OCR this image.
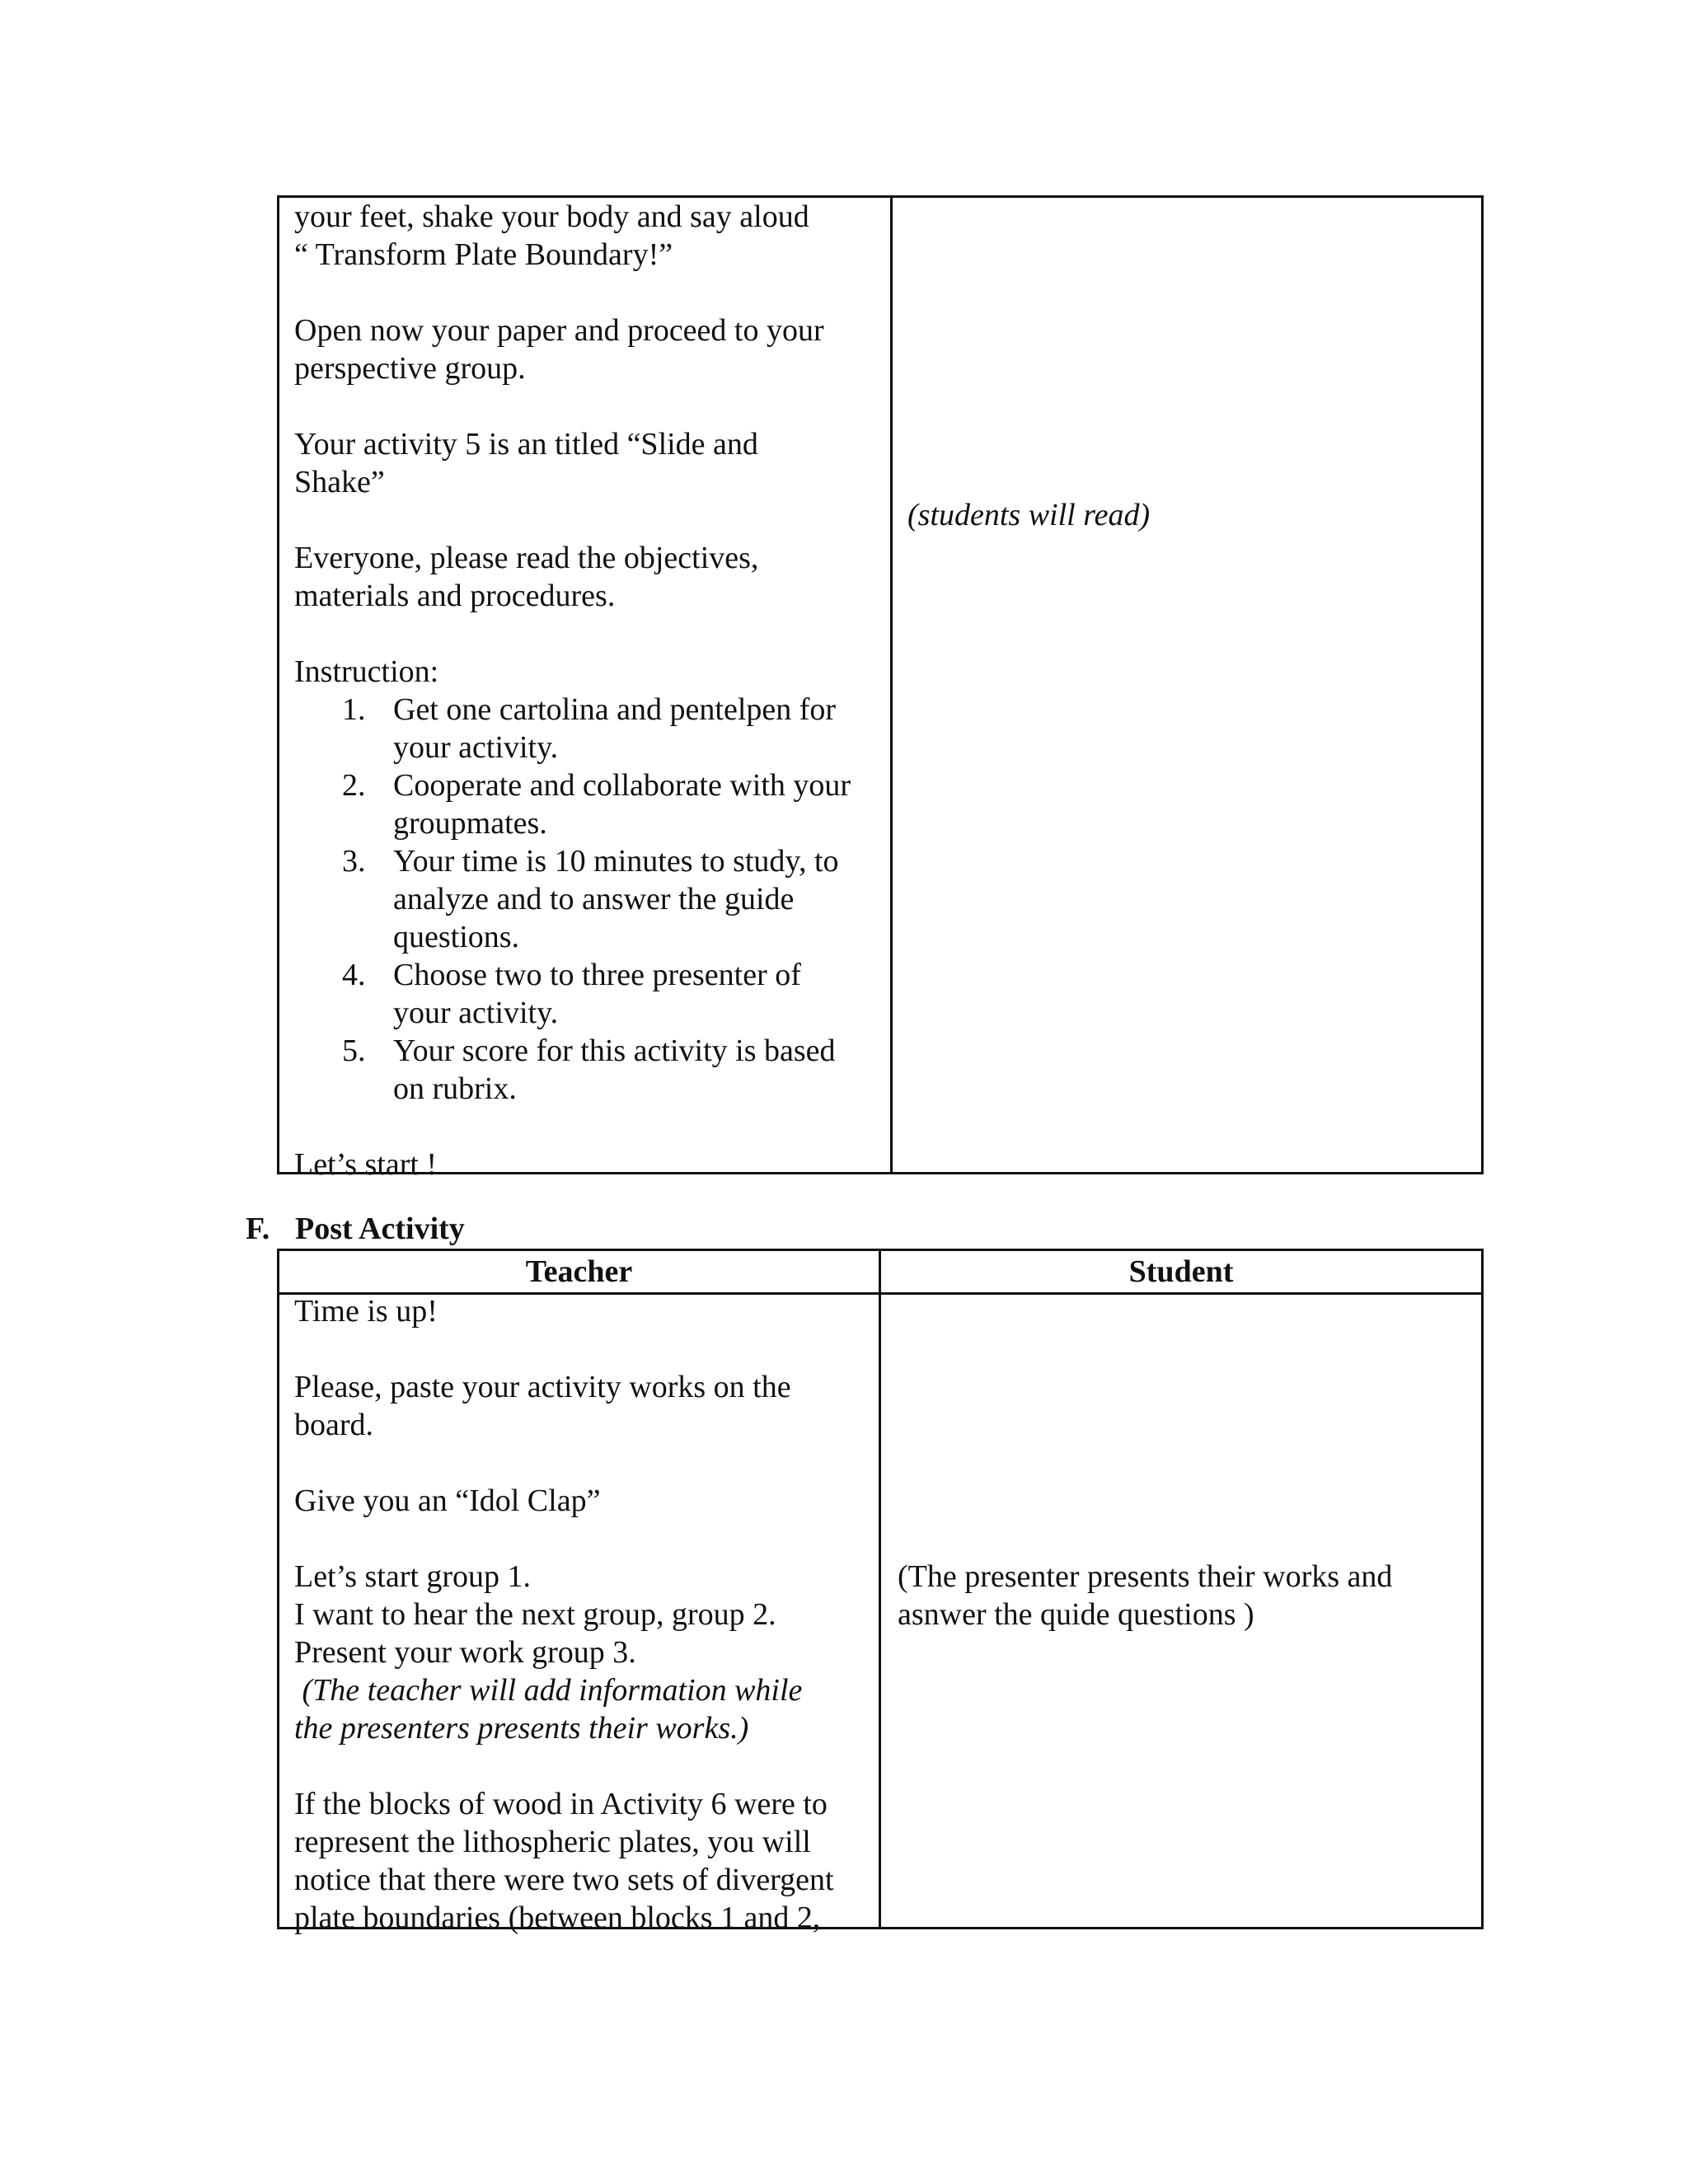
your feet, shake your body and say aloud

“ Transform Plate Boundary!”

Open now your paper and proceed to your

perspective group.

Your activity 5 is an titled “Slide and

Shake”

Everyone, please read the objectives,

materials and procedures.

Instruction:

1. Get one cartolina and pentelpen for

your activity.

2. Cooperate and collaborate with your

groupmates.

3. Your time is 10 minutes to study, to

analyze and to answer the guide

questions.

4. Choose two to three presenter of

your activity.

5. Your score for this activity is based

on rubrix.

Let’s start !

(students will read)

F. Post Activity
Teacher	Student

Time is up!

Please, paste your activity works on the

board.

Give you an “Idol Clap”

Let’s start group 1.

I want to hear the next group, group 2.

Present your work group 3.

(The teacher will add information while

the presenters presents their works.)

If the blocks of wood in Activity 6 were to

represent the lithospheric plates, you will

notice that there were two sets of divergent

plate boundaries (between blocks 1 and 2,

(The presenter presents their works and

asnwer the quide questions )
